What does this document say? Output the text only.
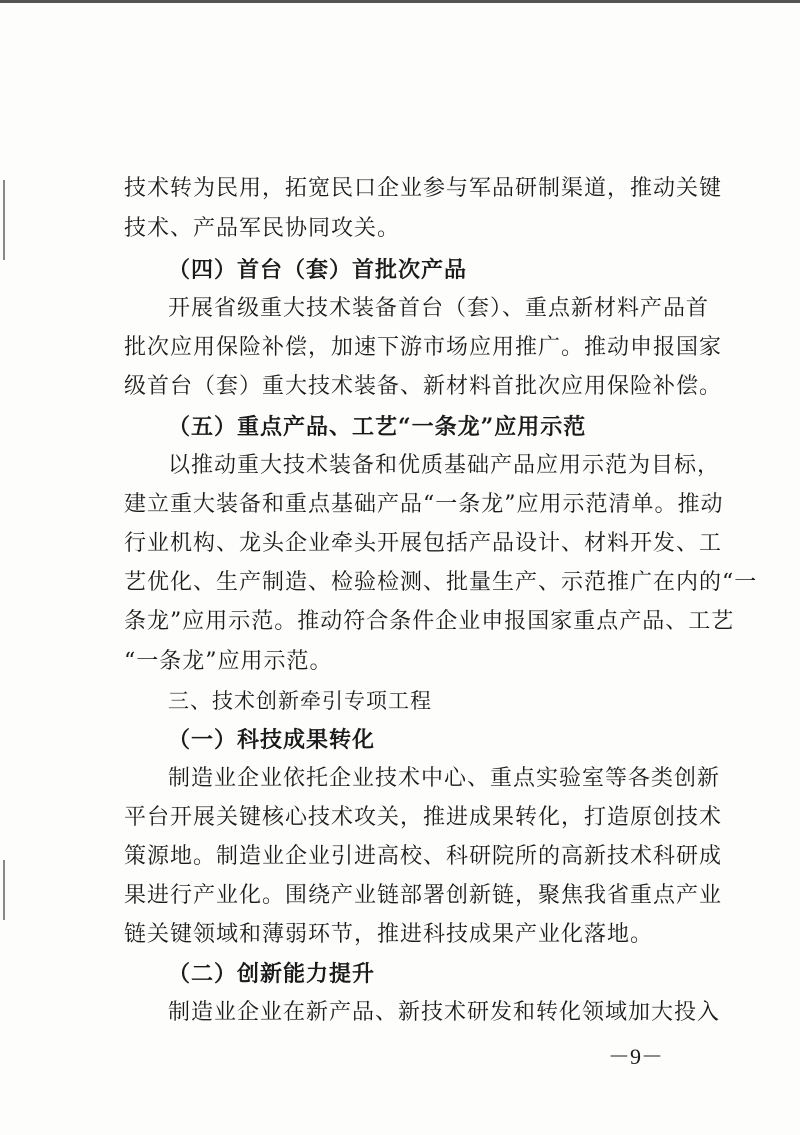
技术转为民用，拓宽民口企业参与军品研制渠道，推动关键
技术、产品军民协同攻关。
（四）首台（套）首批次产品
开展省级重大技术装备首台（套）、重点新材料产品首
批次应用保险补偿，加速下游市场应用推广。推动申报国家
级首台（套）重大技术装备、新材料首批次应用保险补偿。
（五）重点产品、工艺“一条龙”应用示范
以推动重大技术装备和优质基础产品应用示范为目标，
建立重大装备和重点基础产品“一条龙”应用示范清单。推动
行业机构、龙头企业牵头开展包括产品设计、材料开发、工
艺优化、生产制造、检验检测、批量生产、示范推广在内的“一
条龙”应用示范。推动符合条件企业申报国家重点产品、工艺
“一条龙”应用示范。
三、技术创新牵引专项工程
（一）科技成果转化
制造业企业依托企业技术中心、重点实验室等各类创新
平台开展关键核心技术攻关，推进成果转化，打造原创技术
策源地。制造业企业引进高校、科研院所的高新技术科研成
果进行产业化。围绕产业链部署创新链，聚焦我省重点产业
链关键领域和薄弱环节，推进科技成果产业化落地。
（二）创新能力提升
制造业企业在新产品、新技术研发和转化领域加大投入
－9－
